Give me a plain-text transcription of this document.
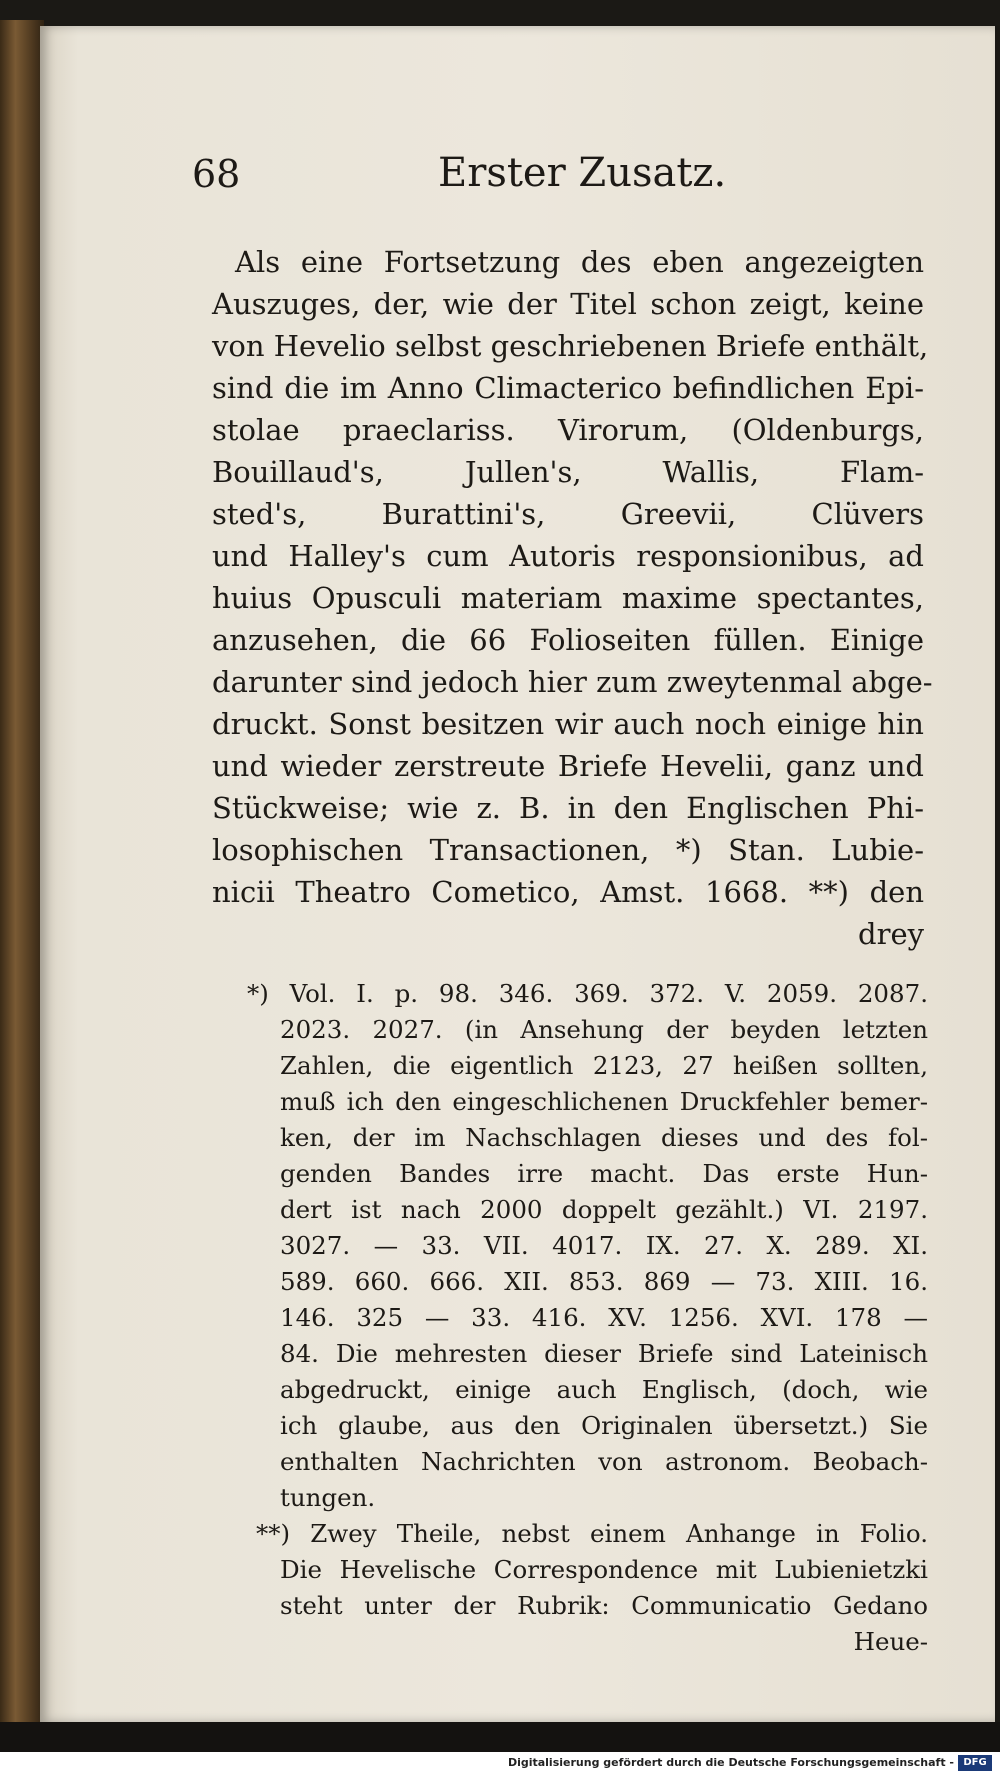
68	Erster Zusatz.
Als eine Fortsetzung des eben angezeigten
Auszuges, der, wie der Titel schon zeigt, keine
von Hevelio selbst geschriebenen Briefe enthält,
sind die im Anno Climacterico befindlichen Epi-
stolae praeclariss. Virorum, (Oldenburgs,
Bouillaud's, Jullen's, Wallis, Flam-
sted's, Burattini's, Greevii, Clüvers
und Halley's cum Autoris responsionibus, ad
huius Opusculi materiam maxime spectantes,
anzusehen, die 66 Folioseiten füllen. Einige
darunter sind jedoch hier zum zweytenmal abge-
druckt. Sonst besitzen wir auch noch einige hin
und wieder zerstreute Briefe Hevelii, ganz und
Stückweise; wie z. B. in den Englischen Phi-
losophischen Transactionen, *) Stan. Lubie-
nicii Theatro Cometico, Amst. 1668. **) den
drey
*) Vol. I. p. 98. 346. 369. 372. V. 2059. 2087.
2023. 2027. (in Ansehung der beyden letzten
Zahlen, die eigentlich 2123, 27 heißen sollten,
muß ich den eingeschlichenen Druckfehler bemer-
ken, der im Nachschlagen dieses und des fol-
genden Bandes irre macht. Das erste Hun-
dert ist nach 2000 doppelt gezählt.) VI. 2197.
3027. — 33. VII. 4017. IX. 27. X. 289. XI.
589. 660. 666. XII. 853. 869 — 73. XIII. 16.
146. 325 — 33. 416. XV. 1256. XVI. 178 —
84. Die mehresten dieser Briefe sind Lateinisch
abgedruckt, einige auch Englisch, (doch, wie
ich glaube, aus den Originalen übersetzt.) Sie
enthalten Nachrichten von astronom. Beobach-
tungen.
**) Zwey Theile, nebst einem Anhange in Folio.
Die Hevelische Correspondence mit Lubienietzki
steht unter der Rubrik: Communicatio Gedano
Heue-
Digitalisierung gefördert durch die Deutsche Forschungsgemeinschaft - DFG
